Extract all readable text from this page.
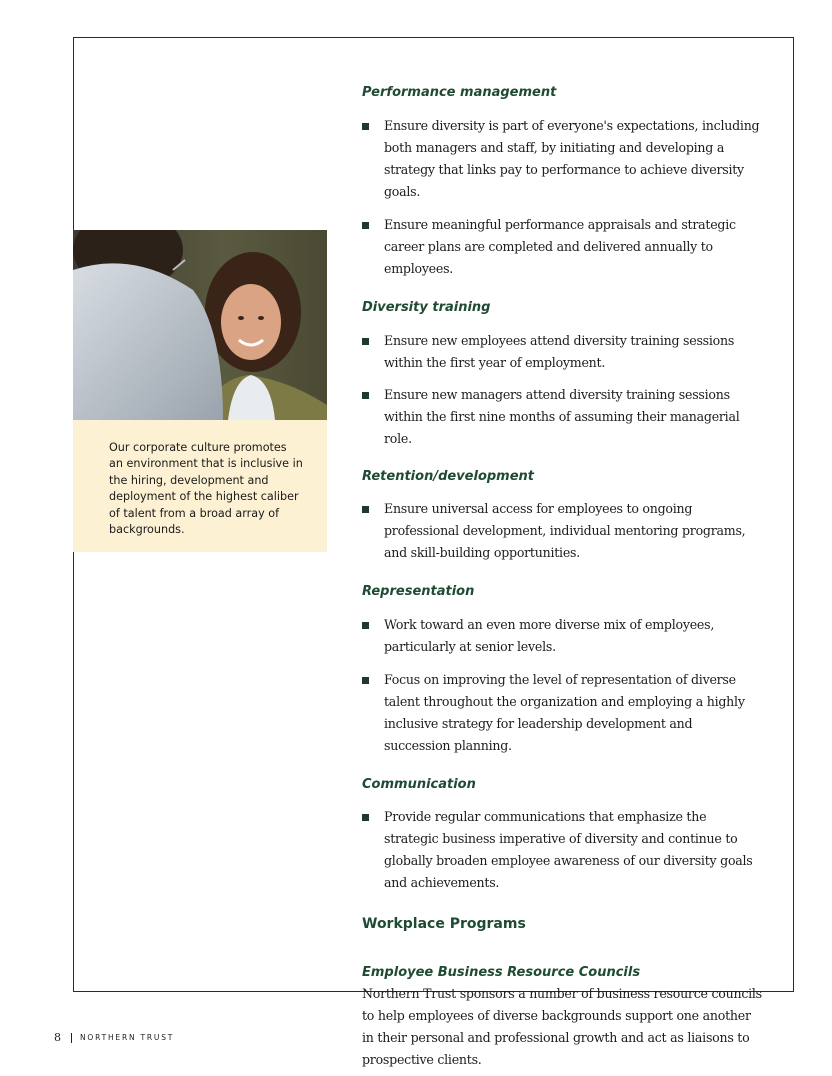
Our corporate culture promotes an environment that is inclusive in the hiring, development and deployment of the highest caliber of talent from a broad array of backgrounds.

Performance management

Ensure diversity is part of everyone's expectations, including both managers and staff, by initiating and developing a strategy that links pay to performance to achieve diversity goals.
Ensure meaningful performance appraisals and strategic career plans are completed and delivered annually to employees.

Diversity training

Ensure new employees attend diversity training sessions within the first year of employment.
Ensure new managers attend diversity training sessions within the first nine months of assuming their managerial role.

Retention/development

Ensure universal access for employees to ongoing professional development, individual mentoring programs, and skill-building opportunities.

Representation

Work toward an even more diverse mix of employees, particularly at senior levels.
Focus on improving the level of representation of diverse talent throughout the organization and employing a highly inclusive strategy for leadership development and succession planning.

Communication

Provide regular communications that emphasize the strategic business imperative of diversity and continue to globally broaden employee awareness of our diversity goals and achievements.

Workplace Programs

Employee Business Resource Councils

Northern Trust sponsors a number of business resource councils to help employees of diverse backgrounds support one another in their personal and professional growth and act as liaisons to prospective clients.

8	NORTHERN TRUST
